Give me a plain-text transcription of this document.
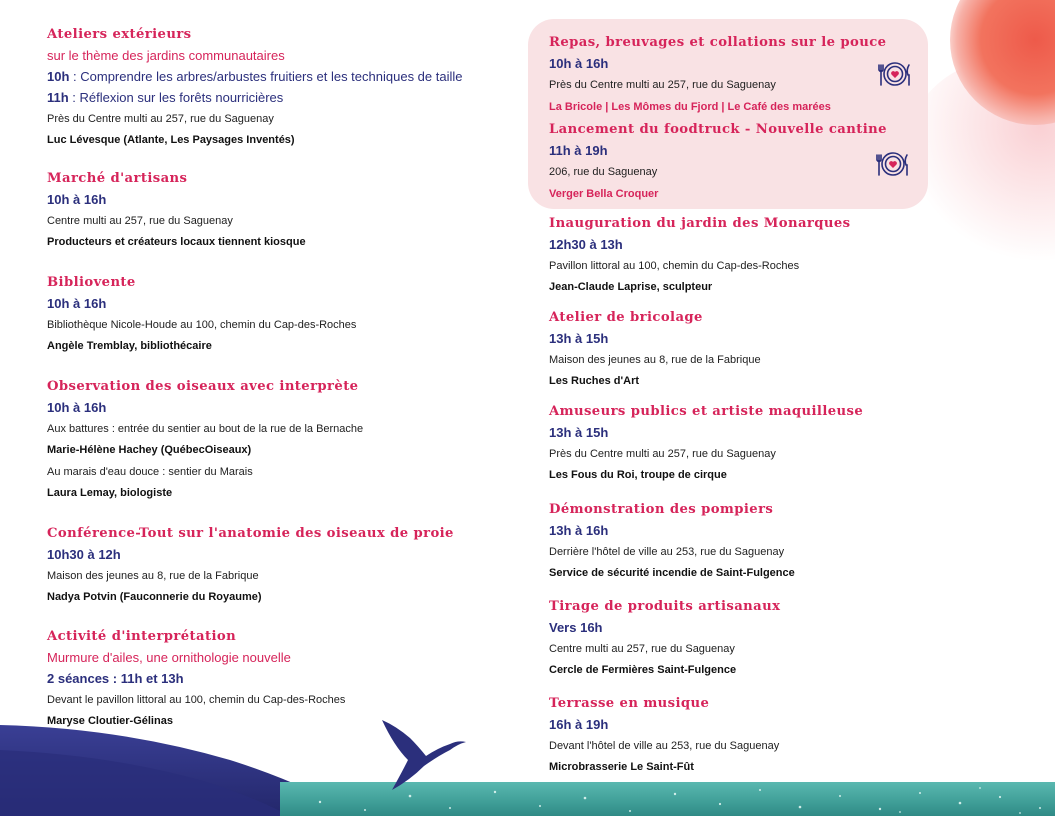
Ateliers extérieurs
sur le thème des jardins communautaires
10h : Comprendre les arbres/arbustes fruitiers et les techniques de taille
11h : Réflexion sur les forêts nourricières
Près du Centre multi au 257, rue du Saguenay
Luc Lévesque (Atlante, Les Paysages Inventés)
Marché d'artisans
10h à 16h
Centre multi au 257, rue du Saguenay
Producteurs et créateurs locaux tiennent kiosque
Bibliovente
10h à 16h
Bibliothèque Nicole-Houde au 100, chemin du Cap-des-Roches
Angèle Tremblay, bibliothécaire
Observation des oiseaux avec interprète
10h à 16h
Aux battures : entrée du sentier au bout de la rue de la Bernache
Marie-Hélène Hachey (QuébecOiseaux)
Au marais d'eau douce : sentier du Marais
Laura Lemay, biologiste
Conférence-Tout sur l'anatomie des oiseaux de proie
10h30 à 12h
Maison des jeunes au 8, rue de la Fabrique
Nadya Potvin (Fauconnerie du Royaume)
Activité d'interprétation
Murmure d'ailes, une ornithologie nouvelle
2 séances : 11h et 13h
Devant le pavillon littoral au 100, chemin du Cap-des-Roches
Maryse Cloutier-Gélinas
Repas, breuvages et collations sur le pouce
10h à 16h
Près du Centre multi au 257, rue du Saguenay
La Bricole | Les Mômes du Fjord | Le Café des marées
Lancement du foodtruck - Nouvelle cantine
11h à 19h
206, rue du Saguenay
Verger Bella Croquer
Inauguration du jardin des Monarques
12h30 à 13h
Pavillon littoral au 100, chemin du Cap-des-Roches
Jean-Claude Laprise, sculpteur
Atelier de bricolage
13h à 15h
Maison des jeunes au 8, rue de la Fabrique
Les Ruches d'Art
Amuseurs publics et artiste maquilleuse
13h à 15h
Près du Centre multi au 257, rue du Saguenay
Les Fous du Roi, troupe de cirque
Démonstration des pompiers
13h à 16h
Derrière l'hôtel de ville au 253, rue du Saguenay
Service de sécurité incendie de Saint-Fulgence
Tirage de produits artisanaux
Vers 16h
Centre multi au 257, rue du Saguenay
Cercle de Fermières Saint-Fulgence
Terrasse en musique
16h à 19h
Devant l'hôtel de ville au 253, rue du Saguenay
Microbrasserie Le Saint-Fût
